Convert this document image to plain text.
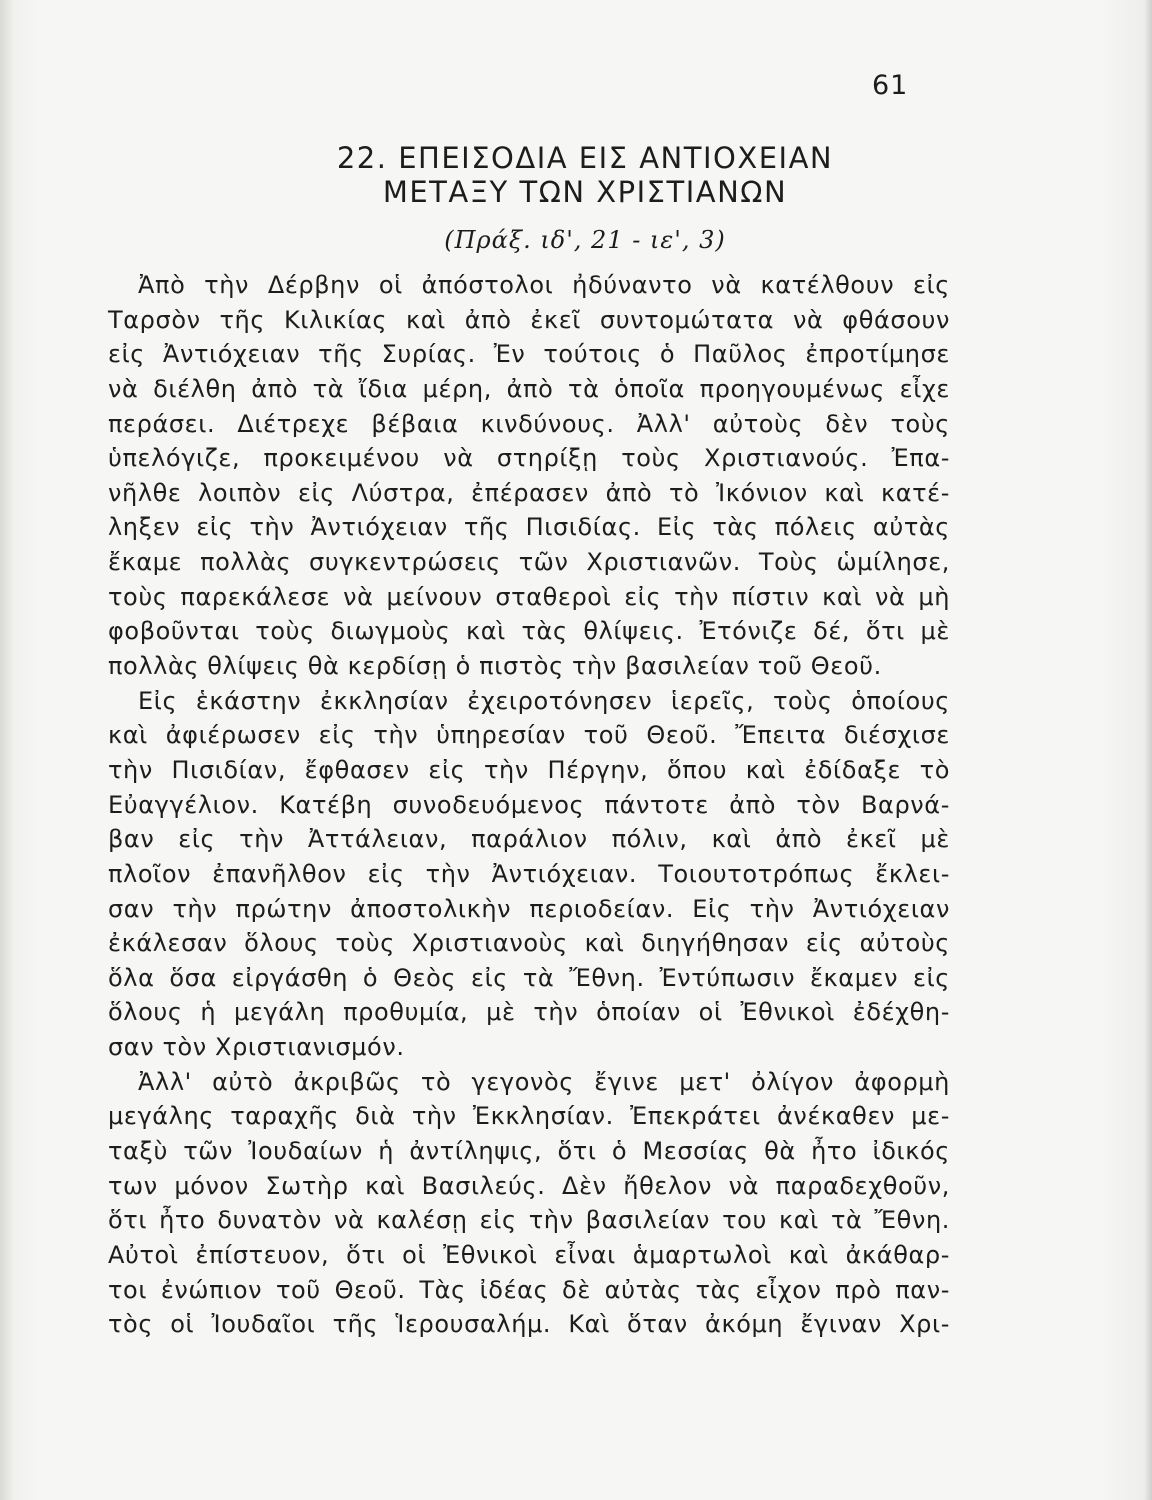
61
22. ΕΠΕΙΣΟΔΙΑ ΕΙΣ ΑΝΤΙΟΧΕΙΑΝ
ΜΕΤΑΞΥ ΤΩΝ ΧΡΙΣΤΙΑΝΩΝ
(Πράξ. ιδ', 21 - ιε', 3)
Ἀπὸ τὴν Δέρβην οἱ ἀπόστολοι ἠδύναντο νὰ κατέλθουν εἰς
Ταρσὸν τῆς Κιλικίας καὶ ἀπὸ ἐκεῖ συντομώτατα νὰ φθάσουν
εἰς Ἀντιόχειαν τῆς Συρίας. Ἐν τούτοις ὁ Παῦλος ἐπροτίμησε
νὰ διέλθη ἀπὸ τὰ ἴδια μέρη, ἀπὸ τὰ ὁποῖα προηγουμένως εἶχε
περάσει. Διέτρεχε βέβαια κινδύνους. Ἀλλ' αὐτοὺς δὲν τοὺς
ὑπελόγιζε, προκειμένου νὰ στηρίξῃ τοὺς Χριστιανούς. Ἐπα-
νῆλθε λοιπὸν εἰς Λύστρα, ἐπέρασεν ἀπὸ τὸ Ἰκόνιον καὶ κατέ-
ληξεν εἰς τὴν Ἀντιόχειαν τῆς Πισιδίας. Εἰς τὰς πόλεις αὐτὰς
ἔκαμε πολλὰς συγκεντρώσεις τῶν Χριστιανῶν. Τοὺς ὡμίλησε,
τοὺς παρεκάλεσε νὰ μείνουν σταθεροὶ εἰς τὴν πίστιν καὶ νὰ μὴ
φοβοῦνται τοὺς διωγμοὺς καὶ τὰς θλίψεις. Ἐτόνιζε δέ, ὅτι μὲ
πολλὰς θλίψεις θὰ κερδίσῃ ὁ πιστὸς τὴν βασιλείαν τοῦ Θεοῦ.
Εἰς ἑκάστην ἐκκλησίαν ἐχειροτόνησεν ἱερεῖς, τοὺς ὁποίους
καὶ ἀφιέρωσεν εἰς τὴν ὑπηρεσίαν τοῦ Θεοῦ. Ἔπειτα διέσχισε
τὴν Πισιδίαν, ἔφθασεν εἰς τὴν Πέργην, ὅπου καὶ ἐδίδαξε τὸ
Εὐαγγέλιον. Κατέβη συνοδευόμενος πάντοτε ἀπὸ τὸν Βαρνά-
βαν εἰς τὴν Ἀττάλειαν, παράλιον πόλιν, καὶ ἀπὸ ἐκεῖ μὲ
πλοῖον ἐπανῆλθον εἰς τὴν Ἀντιόχειαν. Τοιουτοτρόπως ἔκλει-
σαν τὴν πρώτην ἀποστολικὴν περιοδείαν. Εἰς τὴν Ἀντιόχειαν
ἐκάλεσαν ὅλους τοὺς Χριστιανοὺς καὶ διηγήθησαν εἰς αὐτοὺς
ὅλα ὅσα εἰργάσθη ὁ Θεὸς εἰς τὰ Ἔθνη. Ἐντύπωσιν ἔκαμεν εἰς
ὅλους ἡ μεγάλη προθυμία, μὲ τὴν ὁποίαν οἱ Ἐθνικοὶ ἐδέχθη-
σαν τὸν Χριστιανισμόν.
Ἀλλ' αὐτὸ ἀκριβῶς τὸ γεγονὸς ἔγινε μετ' ὀλίγον ἀφορμὴ
μεγάλης ταραχῆς διὰ τὴν Ἐκκλησίαν. Ἐπεκράτει ἀνέκαθεν με-
ταξὺ τῶν Ἰουδαίων ἡ ἀντίληψις, ὅτι ὁ Μεσσίας θὰ ἦτο ἰδικός
των μόνον Σωτὴρ καὶ Βασιλεύς. Δὲν ἤθελον νὰ παραδεχθοῦν,
ὅτι ἦτο δυνατὸν νὰ καλέσῃ εἰς τὴν βασιλείαν του καὶ τὰ Ἔθνη.
Αὐτοὶ ἐπίστευον, ὅτι οἱ Ἐθνικοὶ εἶναι ἁμαρτωλοὶ καὶ ἀκάθαρ-
τοι ἐνώπιον τοῦ Θεοῦ. Τὰς ἰδέας δὲ αὐτὰς τὰς εἶχον πρὸ παν-
τὸς οἱ Ἰουδαῖοι τῆς Ἱερουσαλήμ. Καὶ ὅταν ἀκόμη ἔγιναν Χρι-
